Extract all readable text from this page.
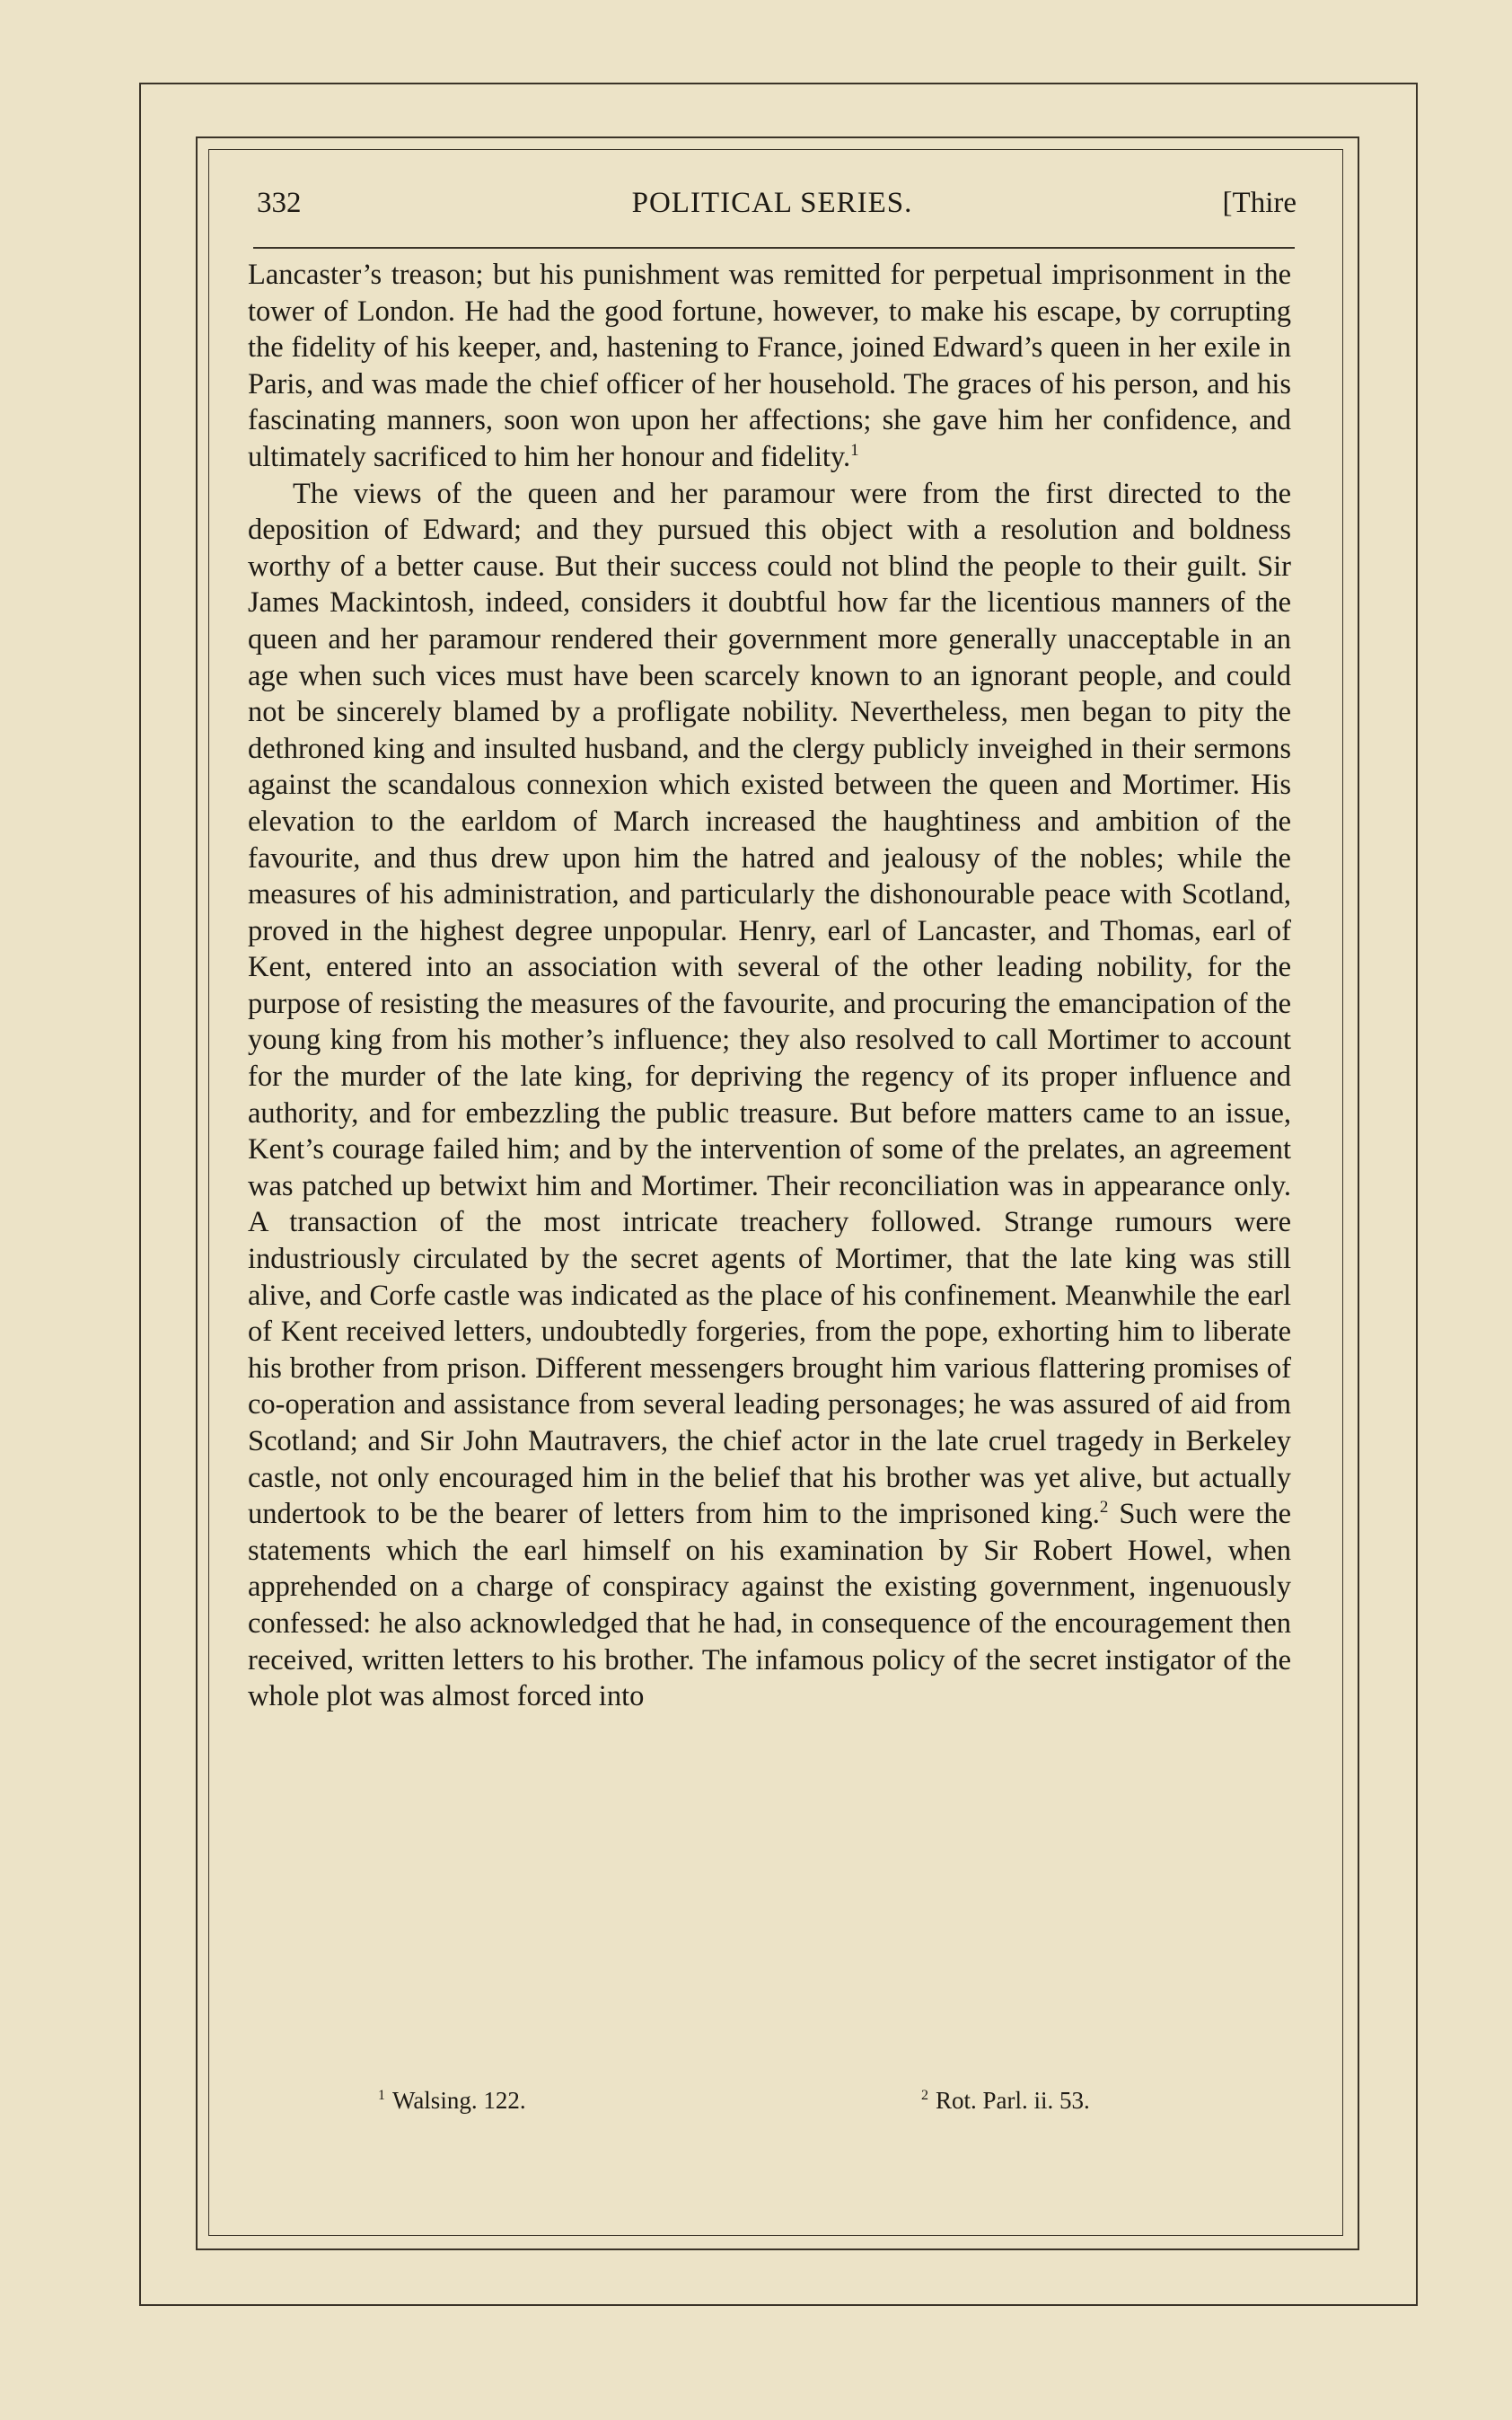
332	POLITICAL SERIES.	[Thire

Lancaster’s treason; but his punishment was remitted for perpetual imprisonment in the tower of London. He had the good fortune, however, to make his escape, by corrupting the fidelity of his keeper, and, hastening to France, joined Edward’s queen in her exile in Paris, and was made the chief officer of her household. The graces of his person, and his fascinating manners, soon won upon her affections; she gave him her confidence, and ultimately sacrificed to him her honour and fidelity.$^1$

The views of the queen and her paramour were from the first directed to the deposition of Edward; and they pursued this object with a resolution and boldness worthy of a better cause. But their success could not blind the people to their guilt. Sir James Mackintosh, indeed, considers it doubtful how far the licentious manners of the queen and her paramour rendered their government more generally unacceptable in an age when such vices must have been scarcely known to an ignorant people, and could not be sincerely blamed by a profligate nobility. Nevertheless, men began to pity the dethroned king and insulted husband, and the clergy publicly inveighed in their sermons against the scandalous connexion which existed between the queen and Mortimer. His elevation to the earldom of March increased the haughtiness and ambition of the favourite, and thus drew upon him the hatred and jealousy of the nobles; while the measures of his administration, and particularly the dishonourable peace with Scotland, proved in the highest degree unpopular. Henry, earl of Lancaster, and Thomas, earl of Kent, entered into an association with several of the other leading nobility, for the purpose of resisting the measures of the favourite, and procuring the emancipation of the young king from his mother’s influence; they also resolved to call Mortimer to account for the murder of the late king, for depriving the regency of its proper influence and authority, and for embezzling the public treasure. But before matters came to an issue, Kent’s courage failed him; and by the intervention of some of the prelates, an agreement was patched up betwixt him and Mortimer. Their reconciliation was in appearance only. A transaction of the most intricate treachery followed. Strange rumours were industriously circulated by the secret agents of Mortimer, that the late king was still alive, and Corfe castle was indicated as the place of his confinement. Meanwhile the earl of Kent received letters, undoubtedly forgeries, from the pope, exhorting him to liberate his brother from prison. Different messengers brought him various flattering promises of co-operation and assistance from several leading personages; he was assured of aid from Scotland; and Sir John Mautravers, the chief actor in the late cruel tragedy in Berkeley castle, not only encouraged him in the belief that his brother was yet alive, but actually undertook to be the bearer of letters from him to the imprisoned king.$^2$ Such were the statements which the earl himself on his examination by Sir Robert Howel, when apprehended on a charge of conspiracy against the existing government, ingenuously confessed: he also acknowledged that he had, in consequence of the encouragement then received, written letters to his brother. The infamous policy of the secret instigator of the whole plot was almost forced into

$^1$ Walsing. 122.	$^2$ Rot. Parl. ii. 53.
